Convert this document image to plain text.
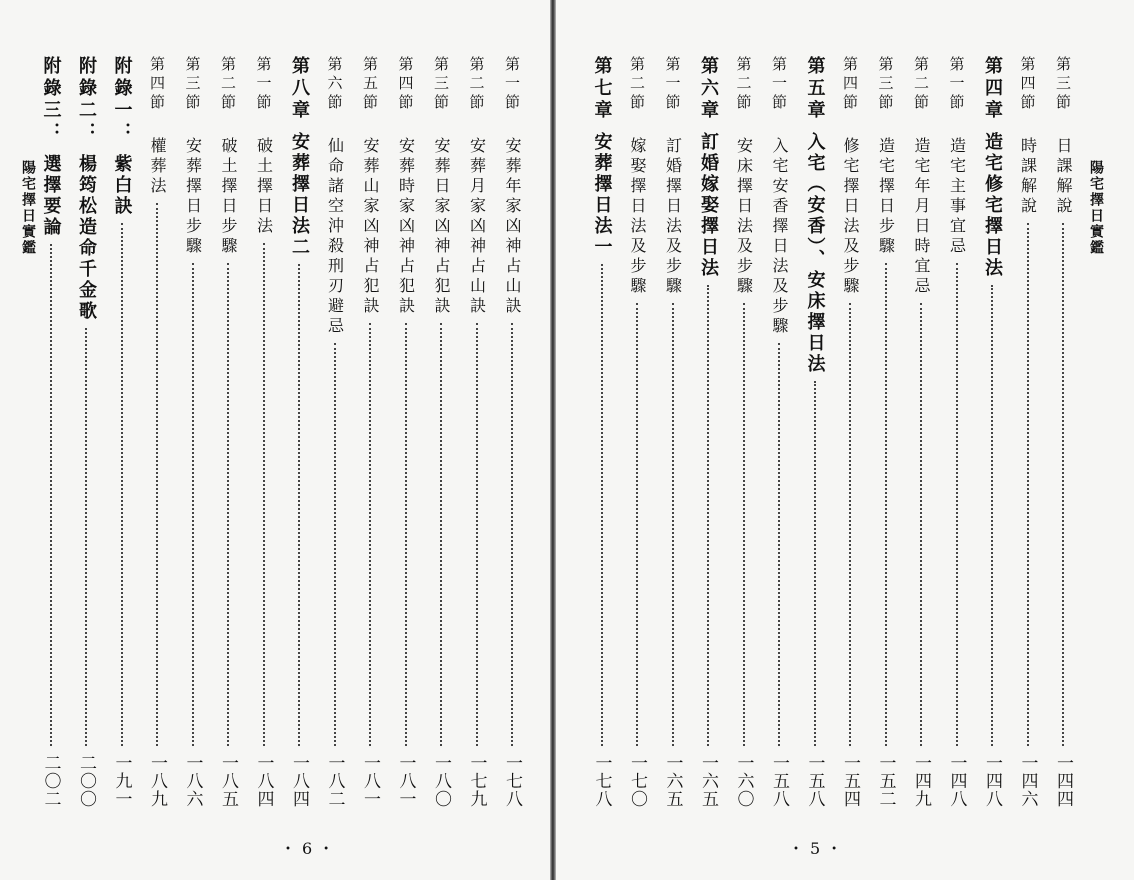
陽宅擇日實鑑
第一節
安葬年家凶神占山訣
一七八
第二節
安葬月家凶神占山訣
一七九
第三節
安葬日家凶神占犯訣
一八〇
第四節
安葬時家凶神占犯訣
一八一
第五節
安葬山家凶神占犯訣
一八一
第六節
仙命諸空沖殺刑刃避忌
一八二
第八章
安葬擇日法二
一八四
第一節
破土擇日法
一八四
第二節
破土擇日步驟
一八五
第三節
安葬擇日步驟
一八六
第四節
權葬法
一八九
附錄一：
紫白訣
一九一
附錄二：
楊筠松造命千金歌
二〇〇
附錄三：
選擇要論
二〇二
・6・
陽宅擇日實鑑
第三節
日課解說
一四四
第四節
時課解說
一四六
第四章
造宅修宅擇日法
一四八
第一節
造宅主事宜忌
一四八
第二節
造宅年月日時宜忌
一四九
第三節
造宅擇日步驟
一五二
第四節
修宅擇日法及步驟
一五四
第五章
入宅（安香）、安床擇日法
一五八
第一節
入宅安香擇日法及步驟
一五八
第二節
安床擇日法及步驟
一六〇
第六章
訂婚嫁娶擇日法
一六五
第一節
訂婚擇日法及步驟
一六五
第二節
嫁娶擇日法及步驟
一七〇
第七章
安葬擇日法一
一七八
・5・
